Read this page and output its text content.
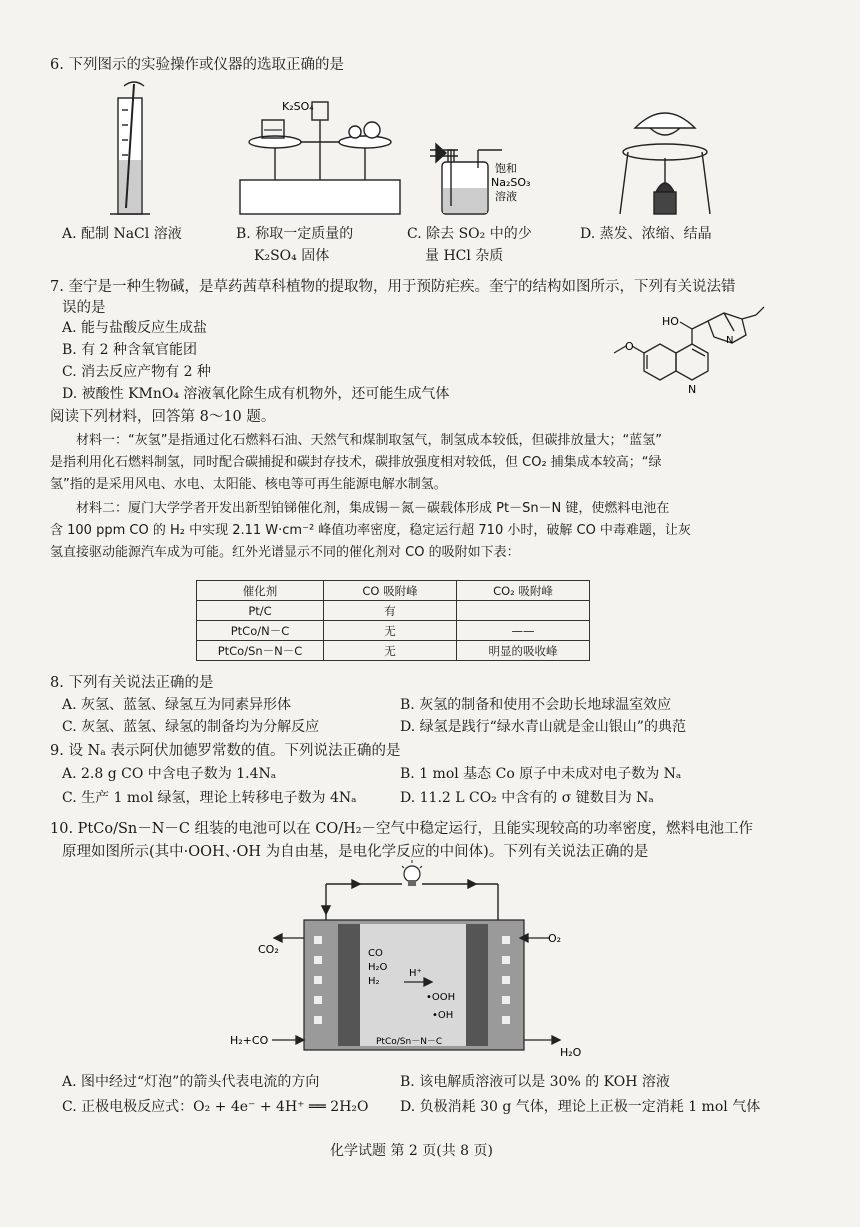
6. 下列图示的实验操作或仪器的选取正确的是
K₂SO₄
饱和
Na₂SO₃
溶液
A. 配制 NaCl 溶液	B. 称取一定质量的
K₂SO₄ 固体
C. 除去 SO₂ 中的少
量 HCl 杂质
D. 蒸发、浓缩、结晶
7. 奎宁是一种生物碱，是草药茜草科植物的提取物，用于预防疟疾。奎宁的结构如图所示，下列有关说法错
误的是
A. 能与盐酸反应生成盐
B. 有 2 种含氧官能团
C. 消去反应产物有 2 种
D. 被酸性 KMnO₄ 溶液氧化除生成有机物外，还可能生成气体
HO
O
N
N
阅读下列材料，回答第 8～10 题。
材料一：“灰氢”是指通过化石燃料石油、天然气和煤制取氢气，制氢成本较低，但碳排放量大；“蓝氢”
是指利用化石燃料制氢，同时配合碳捕捉和碳封存技术，碳排放强度相对较低，但 CO₂ 捕集成本较高；“绿
氢”指的是采用风电、水电、太阳能、核电等可再生能源电解水制氢。
材料二：厦门大学学者开发出新型铂锑催化剂，集成锡－氮－碳载体形成 Pt－Sn－N 键，使燃料电池在
含 100 ppm CO 的 H₂ 中实现 2.11 W·cm⁻² 峰值功率密度，稳定运行超 710 小时，破解 CO 中毒难题，让灰
氢直接驱动能源汽车成为可能。红外光谱显示不同的催化剂对 CO 的吸附如下表：
催化剂	CO 吸附峰	CO₂ 吸附峰
Pt/C	有	
PtCo/N－C	无	——
PtCo/Sn－N－C	无	明显的吸收峰
8. 下列有关说法正确的是
A. 灰氢、蓝氢、绿氢互为同素异形体	B. 灰氢的制备和使用不会助长地球温室效应
C. 灰氢、蓝氢、绿氢的制备均为分解反应	D. 绿氢是践行“绿水青山就是金山银山”的典范
9. 设 Nₐ 表示阿伏加德罗常数的值。下列说法正确的是
A. 2.8 g CO 中含电子数为 1.4Nₐ	B. 1 mol 基态 Co 原子中未成对电子数为 Nₐ
C. 生产 1 mol 绿氢，理论上转移电子数为 4Nₐ	D. 11.2 L CO₂ 中含有的 σ 键数目为 Nₐ
10. PtCo/Sn－N－C 组装的电池可以在 CO/H₂－空气中稳定运行，且能实现较高的功率密度，燃料电池工作
原理如图所示(其中·OOH、·OH 为自由基，是电化学反应的中间体)。下列有关说法正确的是
CO₂
O₂
CO
H₂O
H₂
H⁺
•OOH
•OH
H₂+CO
H₂O
PtCo/Sn－N－C
A. 图中经过“灯泡”的箭头代表电流的方向	B. 该电解质溶液可以是 30% 的 KOH 溶液
C. 正极电极反应式：O₂ + 4e⁻ + 4H⁺ ══ 2H₂O D. 负极消耗 30 g 气体，理论上正极一定消耗 1 mol 气体
化学试题 第 2 页(共 8 页)
